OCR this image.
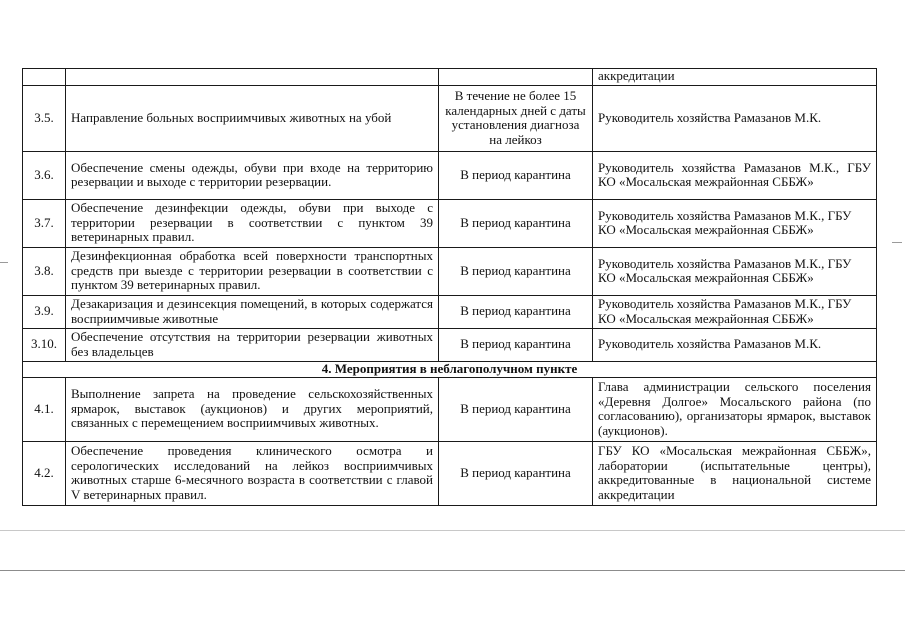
			аккредитации
3.5.	Направление больных восприимчивых животных на убой	В течение не более 15 календарных дней с даты установления диагноза на лейкоз	Руководитель хозяйства Рамазанов М.К.
3.6.	Обеспечение смены одежды, обуви при входе на территорию резервации и выходе с территории резервации.	В период карантина	Руководитель хозяйства Рамазанов М.К., ГБУ КО «Мосальская межрайонная СББЖ»
3.7.	Обеспечение дезинфекции одежды, обуви при выходе с территории резервации в соответствии с пунктом 39 ветеринарных правил.	В период карантина	Руководитель хозяйства Рамазанов М.К., ГБУ КО «Мосальская межрайонная СББЖ»
3.8.	Дезинфекционная обработка всей поверхности транспортных средств при выезде с территории резервации в соответствии с пунктом 39 ветеринарных правил.	В период карантина	Руководитель хозяйства Рамазанов М.К., ГБУ КО «Мосальская межрайонная СББЖ»
3.9.	Дезакаризация и дезинсекция помещений, в которых содержатся восприимчивые животные	В период карантина	Руководитель хозяйства Рамазанов М.К., ГБУ КО «Мосальская межрайонная СББЖ»
3.10.	Обеспечение отсутствия на территории резервации животных без владельцев	В период карантина	Руководитель хозяйства Рамазанов М.К.
4. Мероприятия в неблагополучном пункте			
4.1.	Выполнение запрета на проведение сельскохозяйственных ярмарок, выставок (аукционов) и других мероприятий, связанных с перемещением восприимчивых животных.	В период карантина	Глава администрации сельского поселения «Деревня Долгое» Мосальского района (по согласованию), организаторы ярмарок, выставок (аукционов).
4.2.	Обеспечение проведения клинического осмотра и серологических исследований на лейкоз восприимчивых животных старше 6-месячного возраста в соответствии с главой V ветеринарных правил.	В период карантина	ГБУ КО «Мосальская межрайонная СББЖ», лаборатории (испытательные центры), аккредитованные в национальной системе аккредитации
